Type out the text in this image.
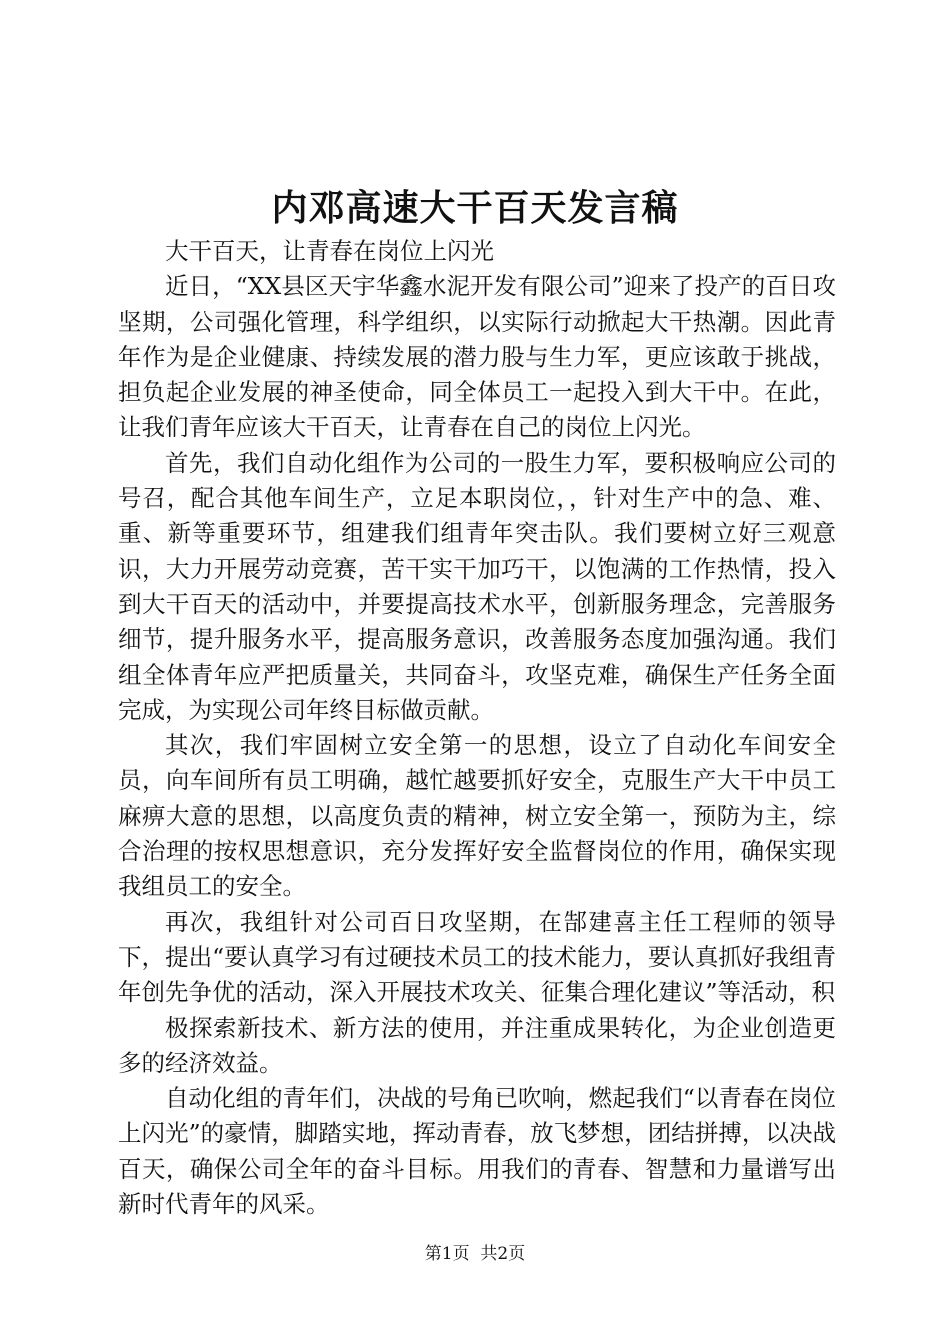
内邓高速大干百天发言稿

大干百天，让青春在岗位上闪光

近日，“XX县区天宇华鑫水泥开发有限公司”迎来了投产的百日攻坚期，公司强化管理，科学组织，以实际行动掀起大干热潮。因此青年作为是企业健康、持续发展的潜力股与生力军，更应该敢于挑战，担负起企业发展的神圣使命，同全体员工一起投入到大干中。在此，让我们青年应该大干百天，让青春在自己的岗位上闪光。

首先，我们自动化组作为公司的一股生力军，要积极响应公司的号召，配合其他车间生产，立足本职岗位，，针对生产中的急、难、重、新等重要环节，组建我们组青年突击队。我们要树立好三观意识，大力开展劳动竞赛，苦干实干加巧干，以饱满的工作热情，投入到大干百天的活动中，并要提高技术水平，创新服务理念，完善服务细节，提升服务水平，提高服务意识，改善服务态度加强沟通。我们组全体青年应严把质量关，共同奋斗，攻坚克难，确保生产任务全面完成，为实现公司年终目标做贡献。

其次，我们牢固树立安全第一的思想，设立了自动化车间安全员，向车间所有员工明确，越忙越要抓好安全，克服生产大干中员工麻痹大意的思想，以高度负责的精神，树立安全第一，预防为主，综合治理的按权思想意识，充分发挥好安全监督岗位的作用，确保实现我组员工的安全。

再次，我组针对公司百日攻坚期，在郜建喜主任工程师的领导下，提出“要认真学习有过硬技术员工的技术能力，要认真抓好我组青年创先争优的活动，深入开展技术攻关、征集合理化建议”等活动，积

极探索新技术、新方法的使用，并注重成果转化，为企业创造更多的经济效益。

自动化组的青年们，决战的号角已吹响，燃起我们“以青春在岗位上闪光”的豪情，脚踏实地，挥动青春，放飞梦想，团结拼搏，以决战百天，确保公司全年的奋斗目标。用我们的青春、智慧和力量谱写出新时代青年的风采。

第1页  共2页
